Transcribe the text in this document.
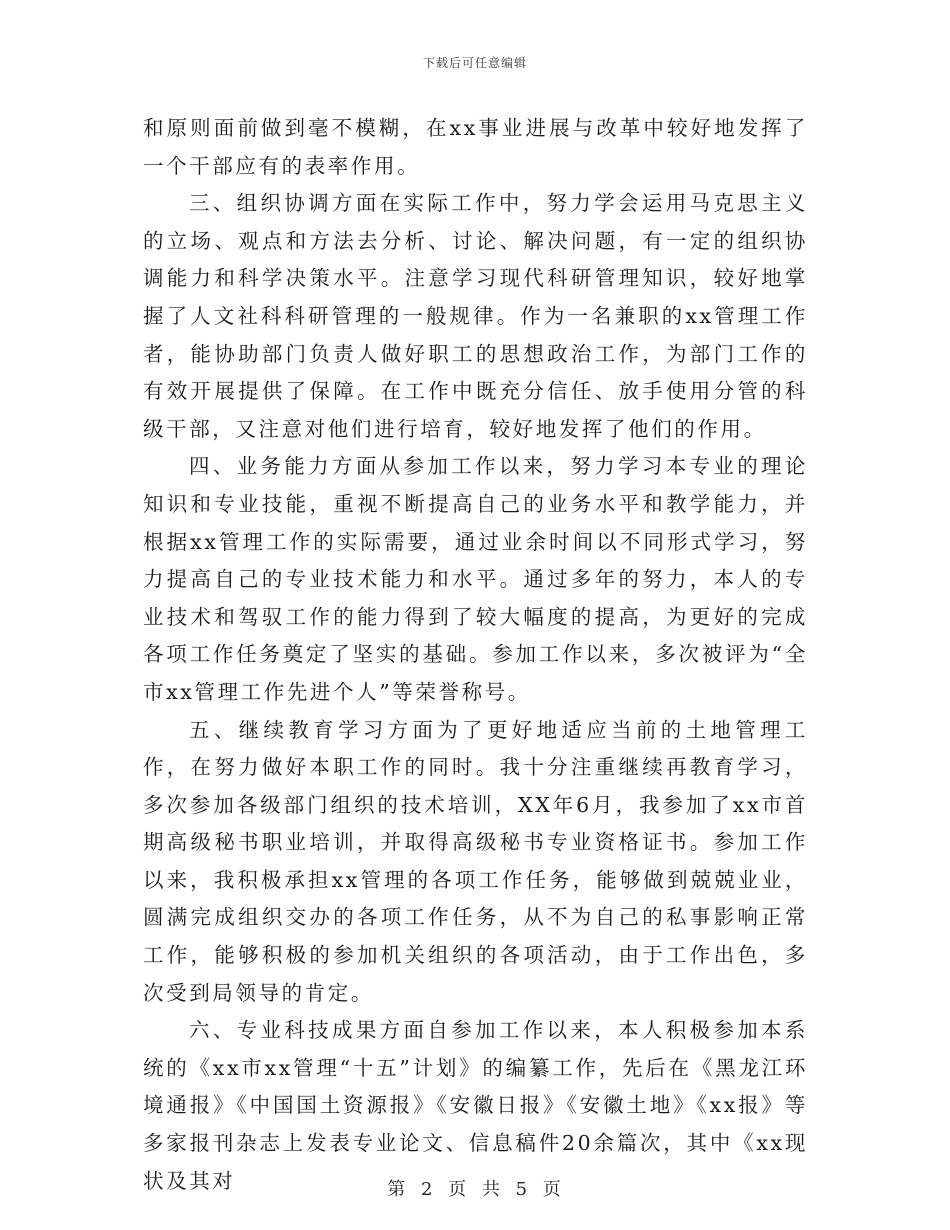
下载后可任意编辑

和原则面前做到毫不模糊，在xx事业进展与改革中较好地发挥了一个干部应有的表率作用。

三、组织协调方面在实际工作中，努力学会运用马克思主义的立场、观点和方法去分析、讨论、解决问题，有一定的组织协调能力和科学决策水平。注意学习现代科研管理知识，较好地掌握了人文社科科研管理的一般规律。作为一名兼职的xx管理工作者，能协助部门负责人做好职工的思想政治工作，为部门工作的有效开展提供了保障。在工作中既充分信任、放手使用分管的科级干部，又注意对他们进行培育，较好地发挥了他们的作用。

四、业务能力方面从参加工作以来，努力学习本专业的理论知识和专业技能，重视不断提高自己的业务水平和教学能力，并根据xx管理工作的实际需要，通过业余时间以不同形式学习，努力提高自己的专业技术能力和水平。通过多年的努力，本人的专业技术和驾驭工作的能力得到了较大幅度的提高，为更好的完成各项工作任务奠定了坚实的基础。参加工作以来，多次被评为“全市xx管理工作先进个人”等荣誉称号。

五、继续教育学习方面为了更好地适应当前的土地管理工作，在努力做好本职工作的同时。我十分注重继续再教育学习，多次参加各级部门组织的技术培训，XX年6月，我参加了xx市首期高级秘书职业培训，并取得高级秘书专业资格证书。参加工作以来，我积极承担xx管理的各项工作任务，能够做到兢兢业业，圆满完成组织交办的各项工作任务，从不为自己的私事影响正常工作，能够积极的参加机关组织的各项活动，由于工作出色，多次受到局领导的肯定。

六、专业科技成果方面自参加工作以来，本人积极参加本系统的《xx市xx管理“十五”计划》的编纂工作，先后在《黑龙江环境通报》《中国国土资源报》《安徽日报》《安徽土地》《xx报》等多家报刊杂志上发表专业论文、信息稿件20余篇次，其中《xx现状及其对	第 2 页 共 5 页
